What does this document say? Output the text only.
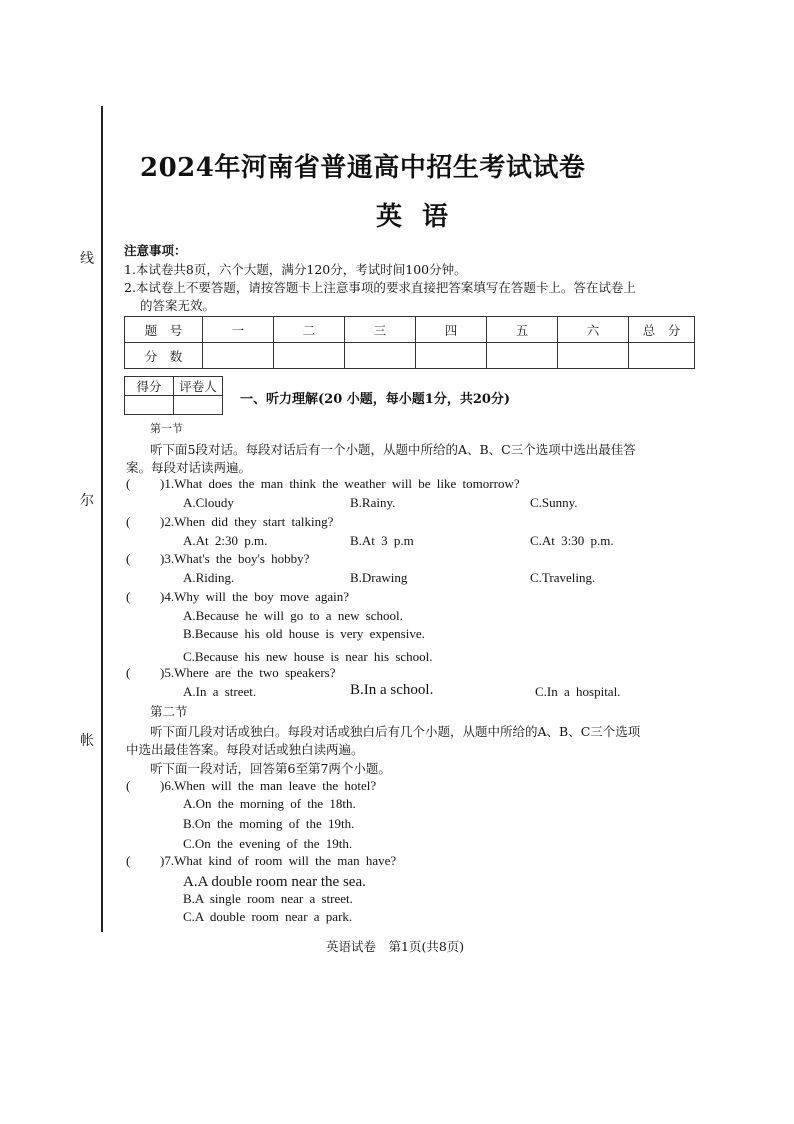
线
尔
帐
2024年河南省普通高中招生考试试卷
英语
注意事项：
1.本试卷共8页，六个大题，满分120分，考试时间100分钟。
2.本试卷上不要答题，请按答题卡上注意事项的要求直接把答案填写在答题卡上。答在试卷上
的答案无效。
题　号	一	二	三	四	五	六	总　分
分　数							
得分	评卷人

一、听力理解(20 小题，每小题1分，共20分)
第一节
听下面5段对话。每段对话后有一个小题，从题中所给的A、B、C三个选项中选出最佳答
案。每段对话读两遍。
( )1.What does the man think the weather will be like tomorrow?
A.Cloudy	B.Rainy.	C.Sunny.
( )2.When did they start talking?
A.At 2:30 p.m.	B.At 3 p.m	C.At 3:30 p.m.
( )3.What's the boy's hobby?
A.Riding.	B.Drawing	C.Traveling.
( )4.Why will the boy move again?
A.Because he will go to a new school.
B.Because his old house is very expensive.
C.Because his new house is near his school.
( )5.Where are the two speakers?
A.In a street.	B.In a school.	C.In a hospital.
第二节
听下面几段对话或独白。每段对话或独白后有几个小题，从题中所给的A、B、C三个选项
中选出最佳答案。每段对话或独白读两遍。
听下面一段对话，回答第6至第7两个小题。
( )6.When will the man leave the hotel?
A.On the morning of the 18th.
B.On the moming of the 19th.
C.On the evening of the 19th.
( )7.What kind of room will the man have?
A.A double room near the sea.
B.A single room near a street.
C.A double room near a park.
英语试卷　第1页(共8页)
